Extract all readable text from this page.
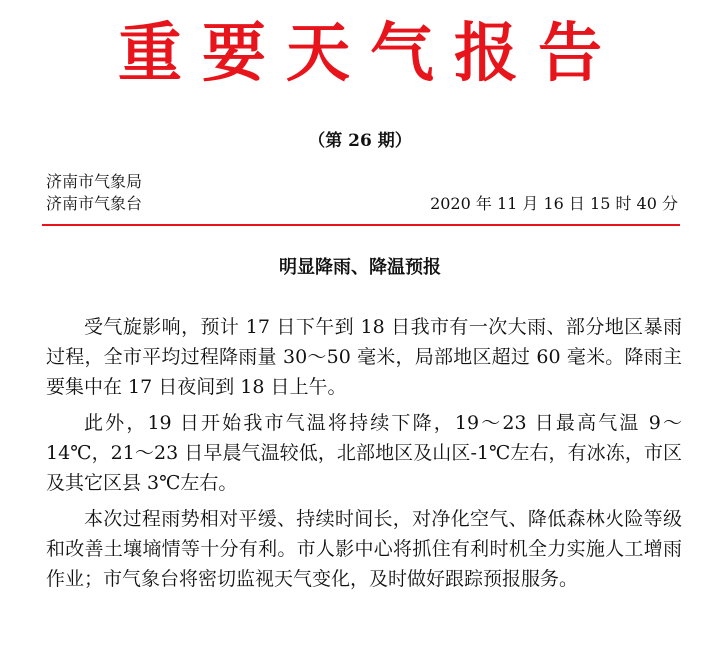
重要天气报告
（第 26 期）
济南市气象局
济南市气象台	2020 年 11 月 16 日 15 时 40 分
明显降雨、降温预报

受气旋影响，预计 17 日下午到 18 日我市有一次大雨、部分地区暴雨过程，全市平均过程降雨量 30～50 毫米，局部地区超过 60 毫米。降雨主要集中在 17 日夜间到 18 日上午。

此外，19 日开始我市气温将持续下降，19～23 日最高气温 9～14℃，21～23 日早晨气温较低，北部地区及山区-1℃左右，有冰冻，市区及其它区县 3℃左右。

本次过程雨势相对平缓、持续时间长，对净化空气、降低森林火险等级和改善土壤墒情等十分有利。市人影中心将抓住有利时机全力实施人工增雨作业；市气象台将密切监视天气变化，及时做好跟踪预报服务。
